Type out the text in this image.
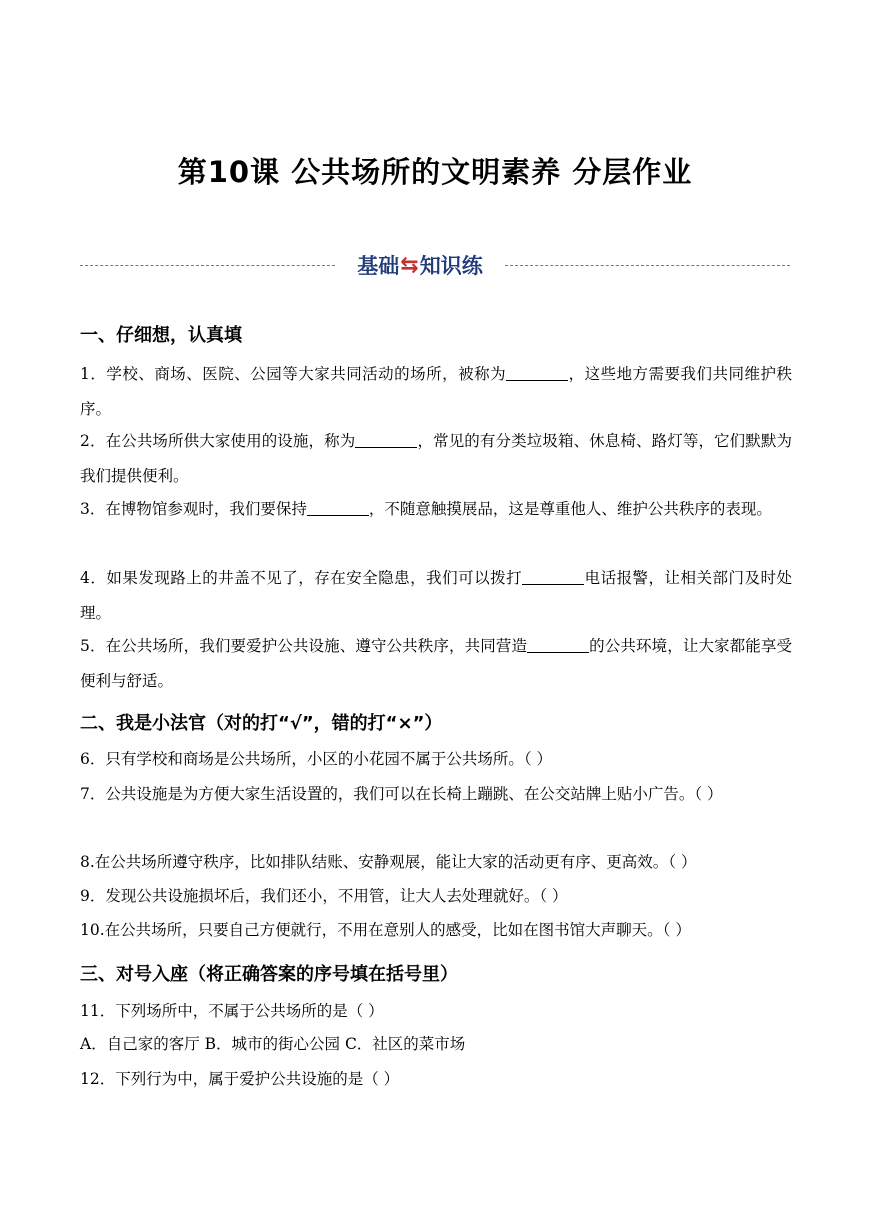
第10课 公共场所的文明素养 分层作业
基础 ⇆ 知识练
一、仔细想，认真填
1．学校、商场、医院、公园等大家共同活动的场所，被称为	，这些地方需要我们共同维护秩序。
2．在公共场所供大家使用的设施，称为	，常见的有分类垃圾箱、休息椅、路灯等，它们默默为我们提供便利。
3．在博物馆参观时，我们要保持	，不随意触摸展品，这是尊重他人、维护公共秩序的表现。
4．如果发现路上的井盖不见了，存在安全隐患，我们可以拨打	电话报警，让相关部门及时处理。
5．在公共场所，我们要爱护公共设施、遵守公共秩序，共同营造	的公共环境，让大家都能享受便利与舒适。
二、我是小法官（对的打“√”，错的打“×”）
6．只有学校和商场是公共场所，小区的小花园不属于公共场所。（ ）
7．公共设施是为方便大家生活设置的，我们可以在长椅上蹦跳、在公交站牌上贴小广告。（ ）
8.在公共场所遵守秩序，比如排队结账、安静观展，能让大家的活动更有序、更高效。（ ）
9．发现公共设施损坏后，我们还小，不用管，让大人去处理就好。（ ）
10.在公共场所，只要自己方便就行，不用在意别人的感受，比如在图书馆大声聊天。（ ）
三、对号入座（将正确答案的序号填在括号里）
11．下列场所中，不属于公共场所的是（ ）
A．自己家的客厅 B．城市的街心公园 C．社区的菜市场
12．下列行为中，属于爱护公共设施的是（ ）
